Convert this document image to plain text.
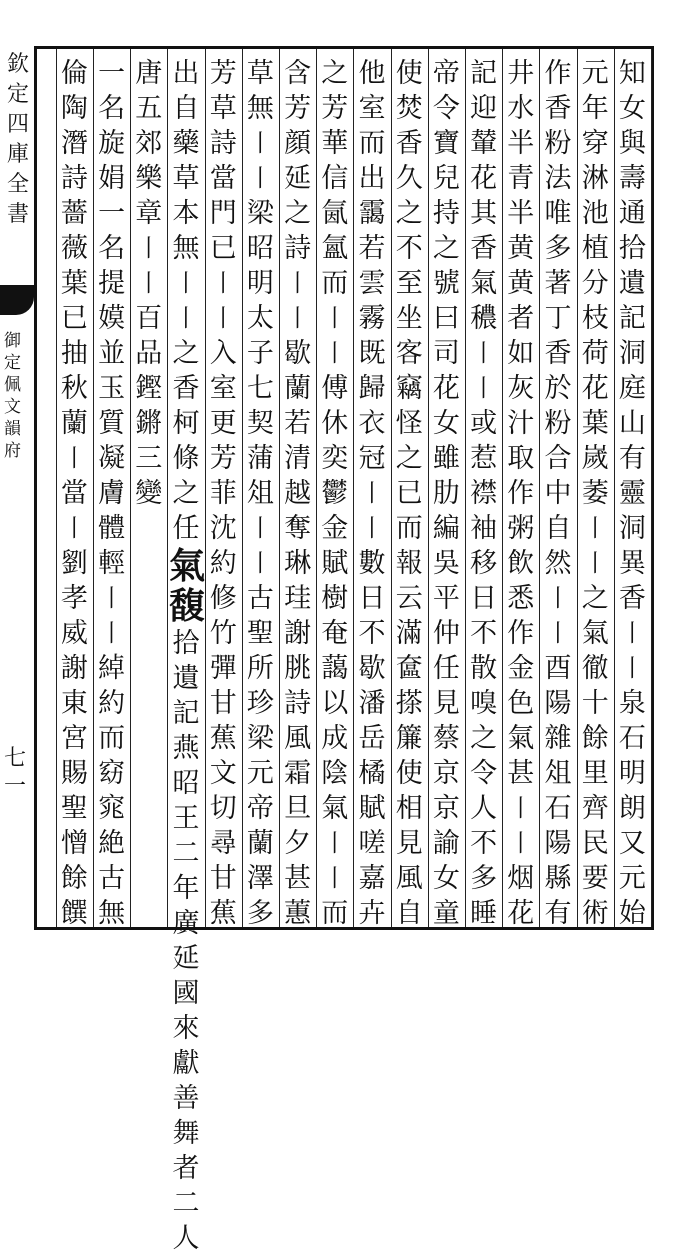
欽
定
四
庫
全
書
御
定
佩
文
韻
府
七
一
知
女
與
壽
通
拾
遺
記
洞
庭
山
有
靈
洞
異
香
丨
丨
泉
石
明
朗
又
元
始
元
年
穿
淋
池
植
分
枝
荷
花
葉
嵗
萎
丨
丨
之
氣
徹
十
餘
里
齊
民
要
術
作
香
粉
法
唯
多
著
丁
香
於
粉
合
中
自
然
丨
丨
酉
陽
雜
俎
石
陽
縣
有
井
水
半
青
半
黄
黄
者
如
灰
汁
取
作
粥
飲
悉
作
金
色
氣
甚
丨
丨
烟
花
記
迎
輦
花
其
香
氣
穠
丨
丨
或
惹
襟
袖
移
日
不
散
嗅
之
令
人
不
多
睡
帝
令
寶
兒
持
之
號
曰
司
花
女
雖
肋
編
吳
平
仲
任
見
蔡
京
京
諭
女
童
使
焚
香
久
之
不
至
坐
客
竊
怪
之
已
而
報
云
滿
奩
搽
簾
使
相
見
風
自
他
室
而
出
靄
若
雲
霧
既
歸
衣
冠
丨
丨
數
日
不
歇
潘
岳
橘
賦
嗟
嘉
卉
之
芳
華
信
氤
氳
而
丨
丨
傅
休
奕
鬱
金
賦
樹
奄
藹
以
成
陰
氣
丨
丨
而
含
芳
顔
延
之
詩
丨
丨
歇
蘭
若
清
越
奪
琳
珪
謝
朓
詩
風
霜
旦
夕
甚
蕙
草
無
丨
丨
梁
昭
明
太
子
七
契
蒲
俎
丨
丨
古
聖
所
珍
梁
元
帝
蘭
澤
多
芳
草
詩
當
門
已
丨
丨
入
室
更
芳
菲
沈
約
修
竹
彈
甘
蕉
文
切
尋
甘
蕉
出
自
藥
草
本
無
丨
丨
之
香
柯
條
之
任
氣
馥
拾
遺
記
燕
昭
王
二
年
廣
延
國
來
獻
善
舞
者
二
人
唐
五
郊
樂
章
丨
丨
百
品
鏗
鏘
三
變
一
名
旋
娟
一
名
提
嫫
並
玉
質
凝
膚
體
輕
丨
丨
綽
約
而
窈
窕
絶
古
無
倫
陶
潛
詩
薔
薇
葉
已
抽
秋
蘭
丨
當
丨
劉
孝
威
謝
東
宮
賜
聖
憎
餘
饌
